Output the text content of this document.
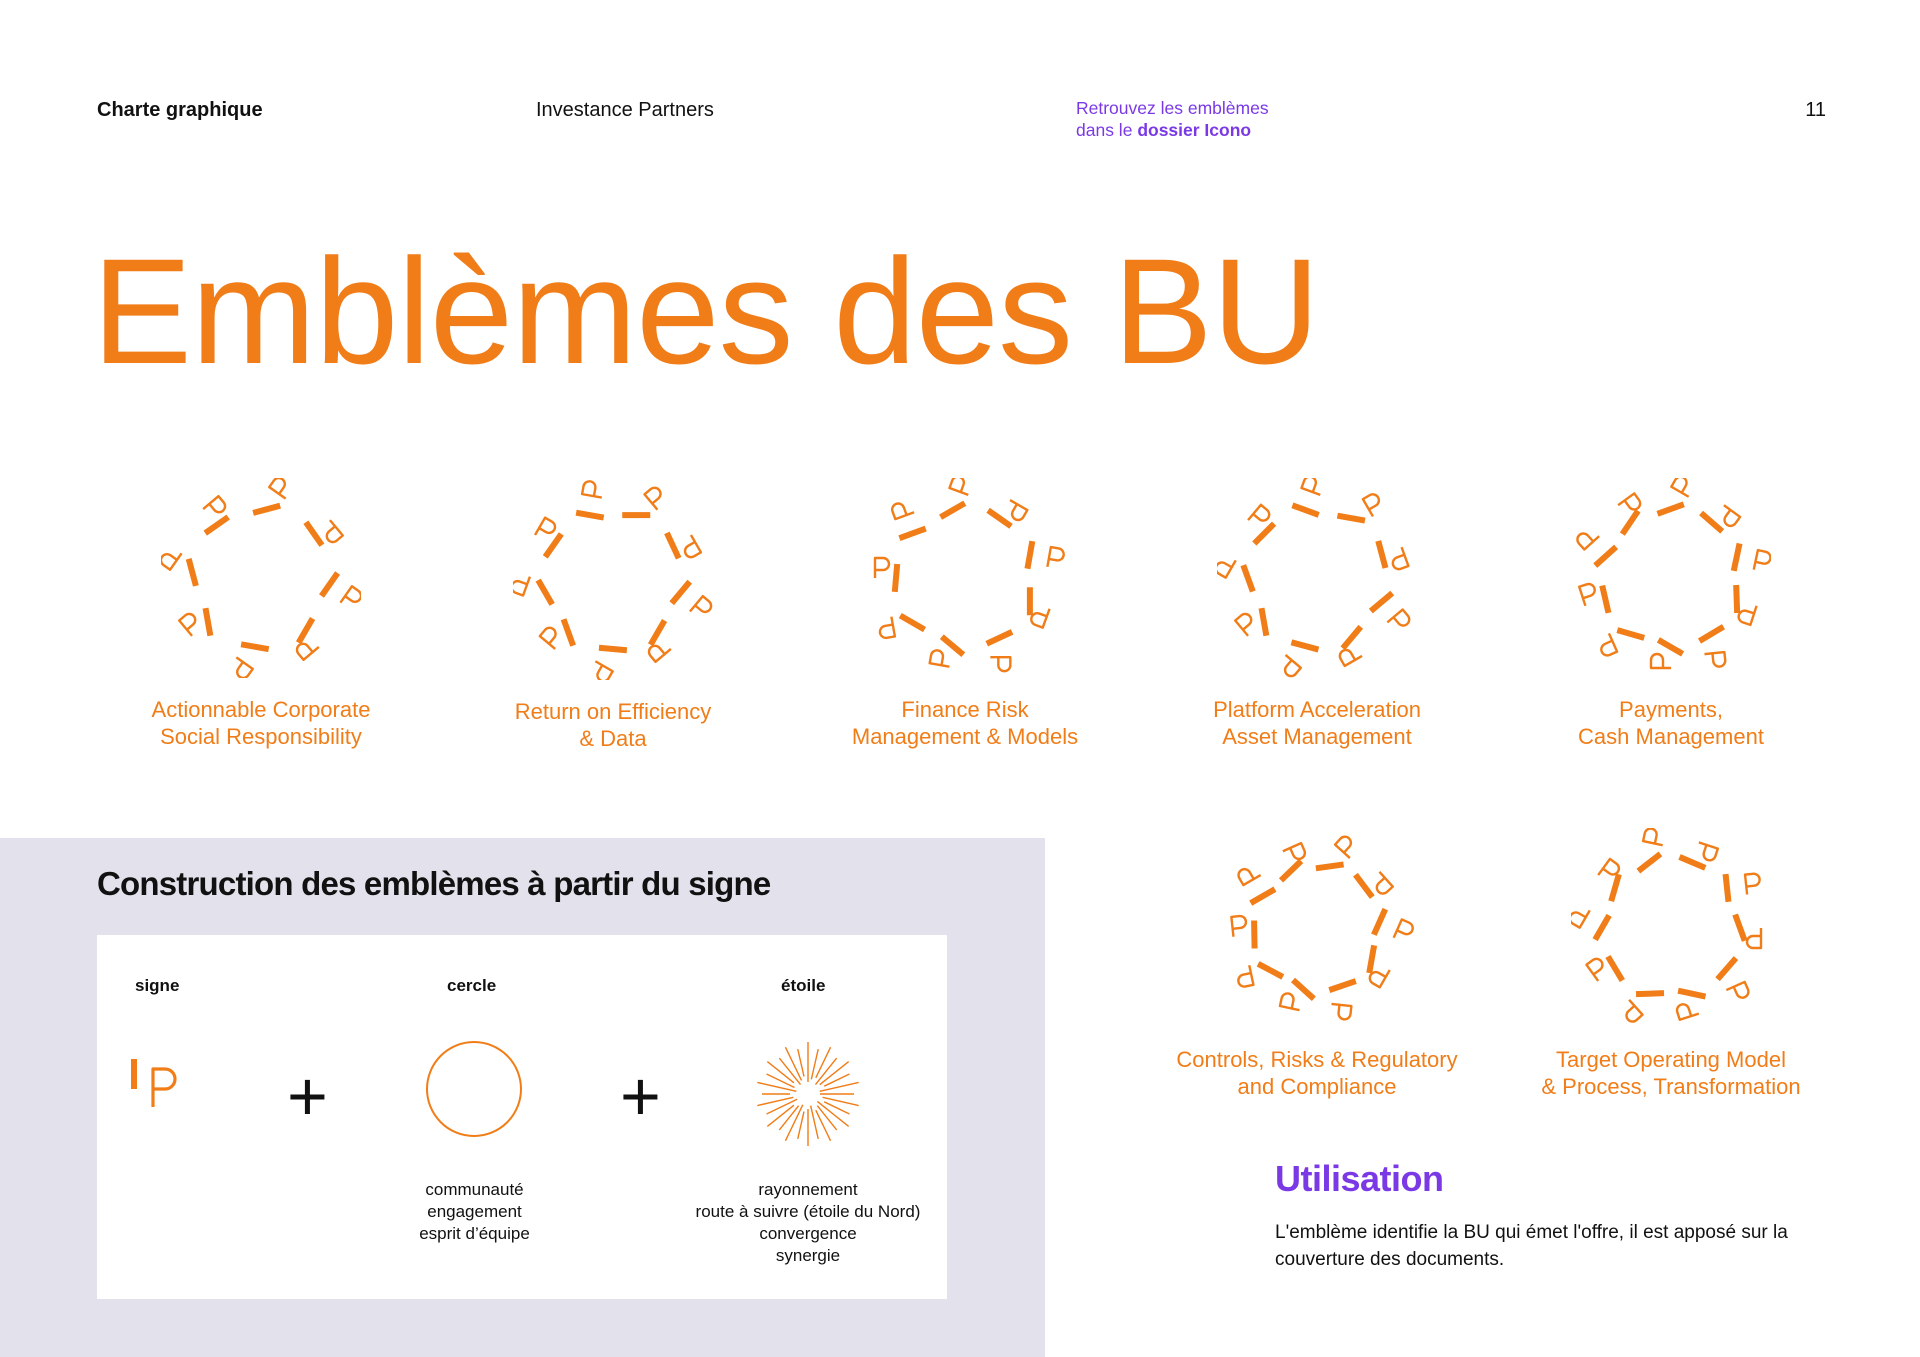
Charte graphique	Investance Partners	Retrouvez les emblèmes
dans le dossier Icono
11
Emblèmes des BU
Actionnable Corporate
Social Responsibility
Return on Efficiency
& Data
Finance Risk
Management & Models
Platform Acceleration
Asset Management
Payments,
Cash Management
Controls, Risks & Regulatory
and Compliance
Target Operating Model
& Process, Transformation
Construction des emblèmes à partir du signe
signe	cercle	étoile
+	+
communauté
engagement
esprit d’équipe
rayonnement
route à suivre (étoile du Nord)
convergence
synergie
Utilisation
L'emblème identifie la BU qui émet l'offre, il est apposé sur la couverture des documents.
